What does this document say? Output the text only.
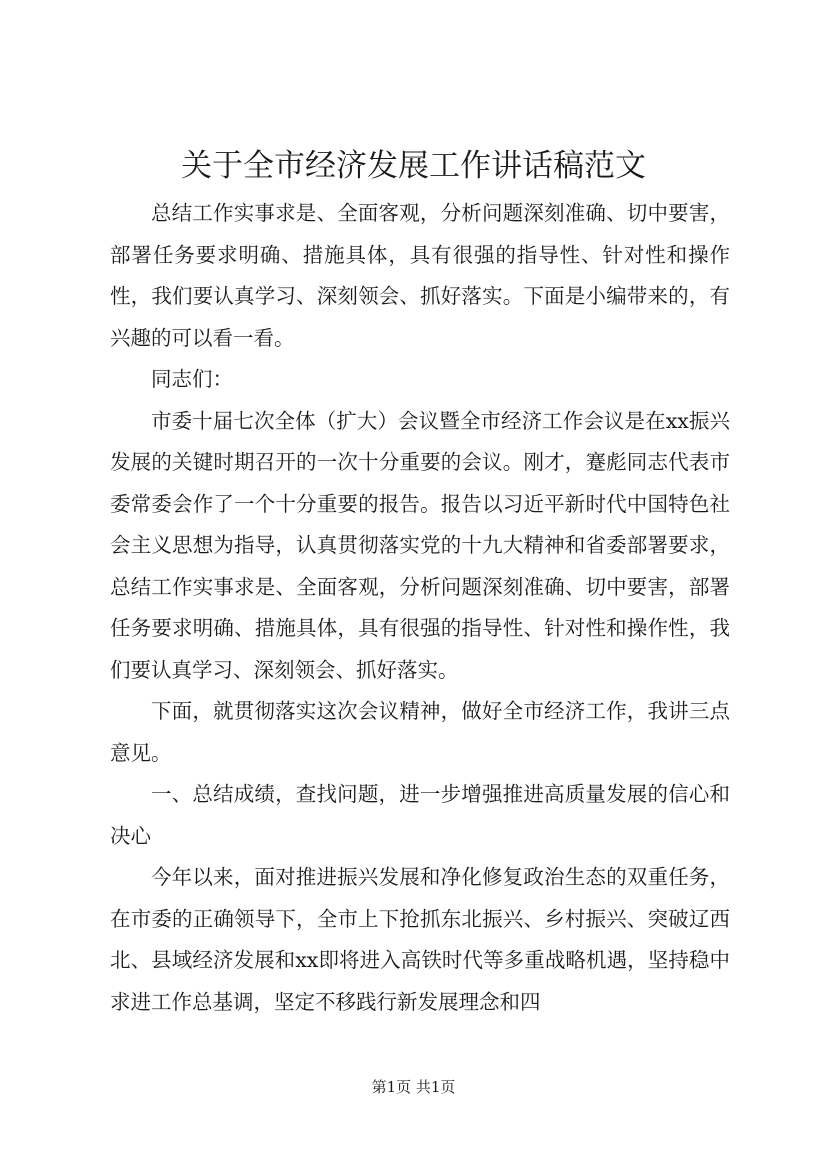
关于全市经济发展工作讲话稿范文

总结工作实事求是、全面客观，分析问题深刻准确、切中要害，部署任务要求明确、措施具体，具有很强的指导性、针对性和操作性，我们要认真学习、深刻领会、抓好落实。下面是小编带来的，有兴趣的可以看一看。

同志们：

市委十届七次全体（扩大）会议暨全市经济工作会议是在xx振兴发展的关键时期召开的一次十分重要的会议。刚才，蹇彪同志代表市委常委会作了一个十分重要的报告。报告以习近平新时代中国特色社会主义思想为指导，认真贯彻落实党的十九大精神和省委部署要求，总结工作实事求是、全面客观，分析问题深刻准确、切中要害，部署任务要求明确、措施具体，具有很强的指导性、针对性和操作性，我们要认真学习、深刻领会、抓好落实。

下面，就贯彻落实这次会议精神，做好全市经济工作，我讲三点意见。

一、总结成绩，查找问题，进一步增强推进高质量发展的信心和决心

今年以来，面对推进振兴发展和净化修复政治生态的双重任务，在市委的正确领导下，全市上下抢抓东北振兴、乡村振兴、突破辽西北、县域经济发展和xx即将进入高铁时代等多重战略机遇，坚持稳中求进工作总基调，坚定不移践行新发展理念和四

第1页 共1页
